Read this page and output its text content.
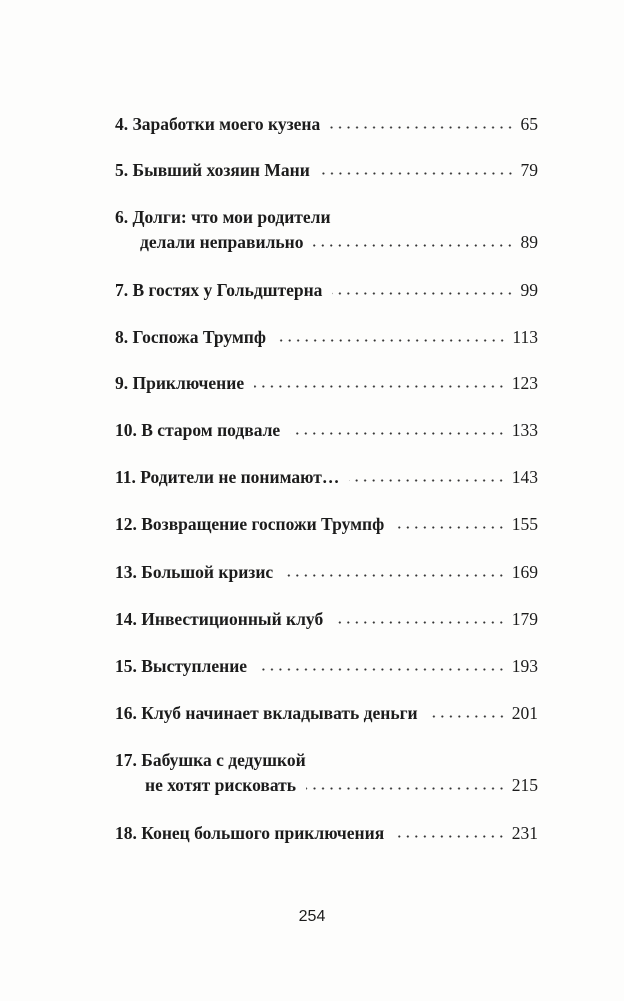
4. Заработки моего кузена	65
5. Бывший хозяин Мани	79
6. Долги: что мои родители
делали неправильно	89
7. В гостях у Гольдштерна	99
8. Госпожа Трумпф	113
9. Приключение	123
10. В старом подвале	133
11. Родители не понимают…	143
12. Возвращение госпожи Трумпф	155
13. Большой кризис	169
14. Инвестиционный клуб	179
15. Выступление	193
16. Клуб начинает вкладывать деньги	201
17. Бабушка с дедушкой
не хотят рисковать	215
18. Конец большого приключения	231
254
